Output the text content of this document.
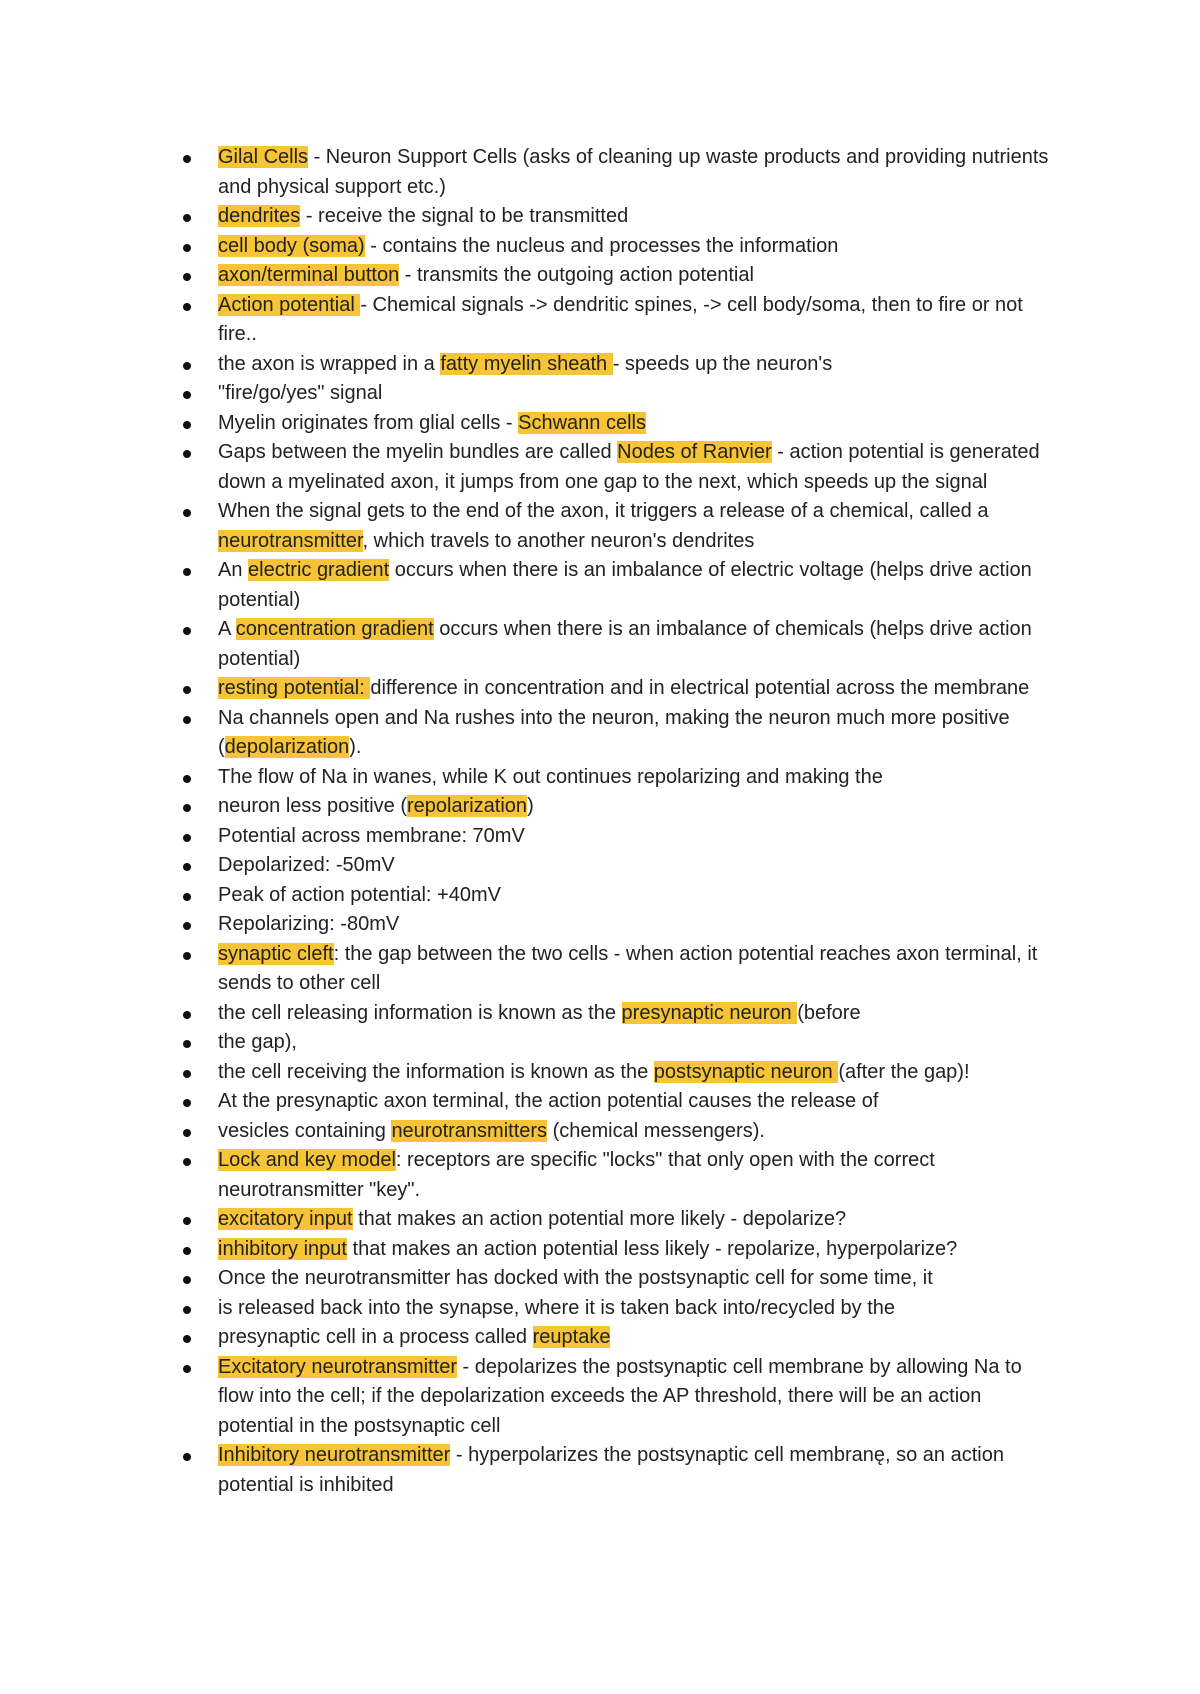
Gilal Cells - Neuron Support Cells (asks of cleaning up waste products and providing nutrients and physical support etc.)
dendrites - receive the signal to be transmitted
cell body (soma) - contains the nucleus and processes the information
axon/terminal button - transmits the outgoing action potential
Action potential - Chemical signals -> dendritic spines, -> cell body/soma, then to fire or not fire..
the axon is wrapped in a fatty myelin sheath - speeds up the neuron's
"fire/go/yes" signal
Myelin originates from glial cells - Schwann cells
Gaps between the myelin bundles are called Nodes of Ranvier - action potential is generated down a myelinated axon, it jumps from one gap to the next, which speeds up the signal
When the signal gets to the end of the axon, it triggers a release of a chemical, called a neurotransmitter, which travels to another neuron's dendrites
An electric gradient occurs when there is an imbalance of electric voltage (helps drive action potential)
A concentration gradient occurs when there is an imbalance of chemicals (helps drive action potential)
resting potential: difference in concentration and in electrical potential across the membrane
Na channels open and Na rushes into the neuron, making the neuron much more positive (depolarization).
The flow of Na in wanes, while K out continues repolarizing and making the
neuron less positive (repolarization)
Potential across membrane: 70mV
Depolarized: -50mV
Peak of action potential: +40mV
Repolarizing: -80mV
synaptic cleft: the gap between the two cells - when action potential reaches axon terminal, it sends to other cell
the cell releasing information is known as the presynaptic neuron (before
the gap),
the cell receiving the information is known as the postsynaptic neuron (after the gap)!
At the presynaptic axon terminal, the action potential causes the release of
vesicles containing neurotransmitters (chemical messengers).
Lock and key model: receptors are specific "locks" that only open with the correct neurotransmitter "key".
excitatory input that makes an action potential more likely - depolarize?
inhibitory input that makes an action potential less likely - repolarize, hyperpolarize?
Once the neurotransmitter has docked with the postsynaptic cell for some time, it
is released back into the synapse, where it is taken back into/recycled by the
presynaptic cell in a process called reuptake
Excitatory neurotransmitter - depolarizes the postsynaptic cell membrane by allowing Na to flow into the cell; if the depolarization exceeds the AP threshold, there will be an action potential in the postsynaptic cell
Inhibitory neurotransmitter - hyperpolarizes the postsynaptic cell membranę, so an action potential is inhibited
